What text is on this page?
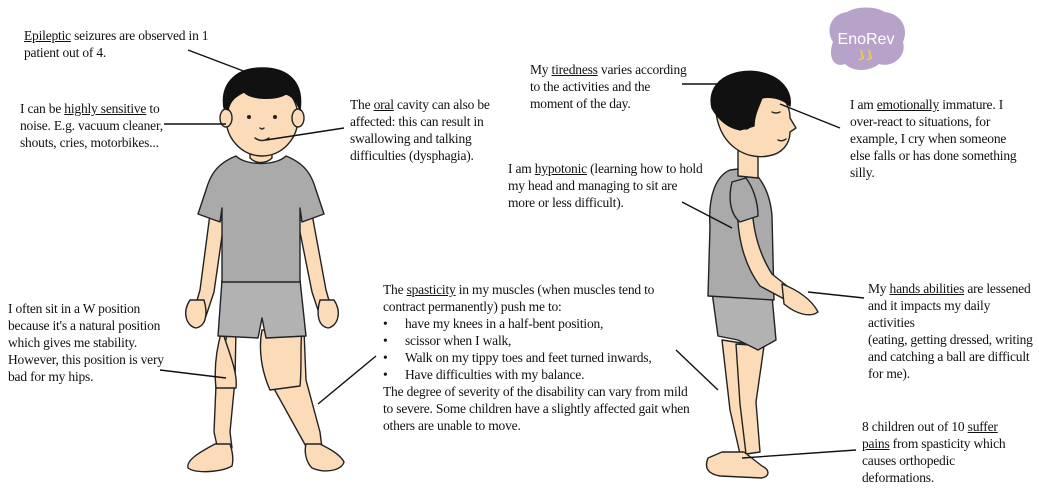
EnoRev
Epileptic seizures are observed in 1
patient out of 4.
I can be highly sensitive to
noise. E.g. vacuum cleaner,
shouts, cries, motorbikes...
The oral cavity can also be
affected: this can result in
swallowing and talking
difficulties (dysphagia).
I often sit in a W position
because it's a natural position
which gives me stability.
However, this position is very
bad for my hips.
The spasticity in my muscles (when muscles tend to
contract permanently) push me to:
• have my knees in a half-bent position,
• scissor when I walk,
• Walk on my tippy toes and feet turned inwards,
• Have difficulties with my balance.
The degree of severity of the disability can vary from mild
to severe. Some children have a slightly affected gait when
others are unable to move.
My tiredness varies according
to the activities and the
moment of the day.
I am hypotonic (learning how to hold
my head and managing to sit are
more or less difficult).
I am emotionally immature. I
over-react to situations, for
example, I cry when someone
else falls or has done something
silly.
My hands abilities are lessened
and it impacts my daily activities
(eating, getting dressed, writing
and catching a ball are difficult
for me).
8 children out of 10 suffer
pains from spasticity which
causes orthopedic
deformations.
